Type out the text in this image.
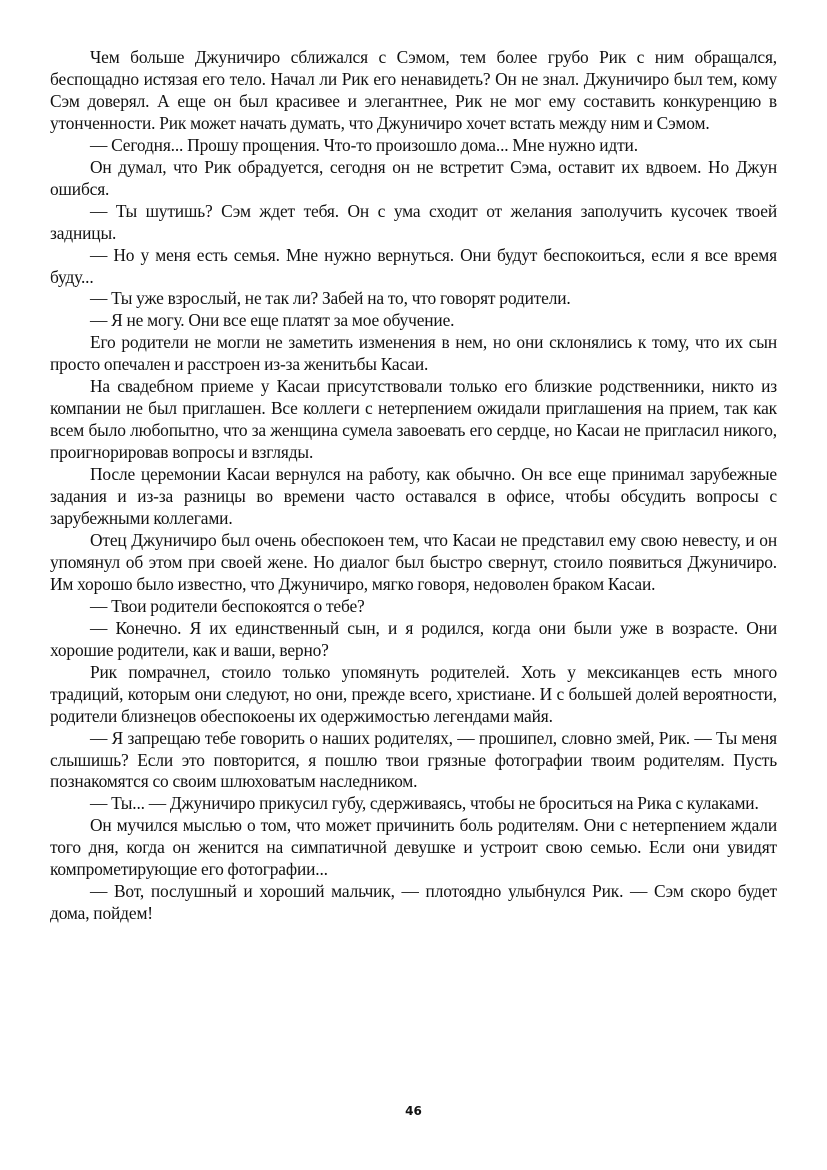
Чем больше Джуничиро сближался с Сэмом, тем более грубо Рик с ним обращался, беспощадно истязая его тело. Начал ли Рик его ненавидеть? Он не знал. Джуничиро был тем, кому Сэм доверял. А еще он был красивее и элегантнее, Рик не мог ему составить конкуренцию в утонченности. Рик может начать думать, что Джуничиро хочет встать между ним и Сэмом.

— Сегодня... Прошу прощения. Что-то произошло дома... Мне нужно идти.

Он думал, что Рик обрадуется, сегодня он не встретит Сэма, оставит их вдвоем. Но Джун ошибся.

— Ты шутишь? Сэм ждет тебя. Он с ума сходит от желания заполучить кусочек твоей задницы.

— Но у меня есть семья. Мне нужно вернуться. Они будут беспокоиться, если я все время буду...

— Ты уже взрослый, не так ли? Забей на то, что говорят родители.

— Я не могу. Они все еще платят за мое обучение.

Его родители не могли не заметить изменения в нем, но они склонялись к тому, что их сын просто опечален и расстроен из-за женитьбы Касаи.

На свадебном приеме у Касаи присутствовали только его близкие родственники, никто из компании не был приглашен. Все коллеги с нетерпением ожидали приглашения на прием, так как всем было любопытно, что за женщина сумела завоевать его сердце, но Касаи не пригласил никого, проигнорировав вопросы и взгляды.

После церемонии Касаи вернулся на работу, как обычно. Он все еще принимал зарубежные задания и из-за разницы во времени часто оставался в офисе, чтобы обсудить вопросы с зарубежными коллегами.

Отец Джуничиро был очень обеспокоен тем, что Касаи не представил ему свою невесту, и он упомянул об этом при своей жене. Но диалог был быстро свернут, стоило появиться Джуничиро. Им хорошо было известно, что Джуничиро, мягко говоря, недоволен браком Касаи.

— Твои родители беспокоятся о тебе?

— Конечно. Я их единственный сын, и я родился, когда они были уже в возрасте. Они хорошие родители, как и ваши, верно?

Рик помрачнел, стоило только упомянуть родителей. Хоть у мексиканцев есть много традиций, которым они следуют, но они, прежде всего, христиане. И с большей долей вероятности, родители близнецов обеспокоены их одержимостью легендами майя.

— Я запрещаю тебе говорить о наших родителях, — прошипел, словно змей, Рик. — Ты меня слышишь? Если это повторится, я пошлю твои грязные фотографии твоим родителям. Пусть познакомятся со своим шлюховатым наследником.

— Ты... — Джуничиро прикусил губу, сдерживаясь, чтобы не броситься на Рика с кулаками.

Он мучился мыслью о том, что может причинить боль родителям. Они с нетерпением ждали того дня, когда он женится на симпатичной девушке и устроит свою семью. Если они увидят компрометирующие его фотографии...

— Вот, послушный и хороший мальчик, — плотоядно улыбнулся Рик. — Сэм скоро будет дома, пойдем!

46
